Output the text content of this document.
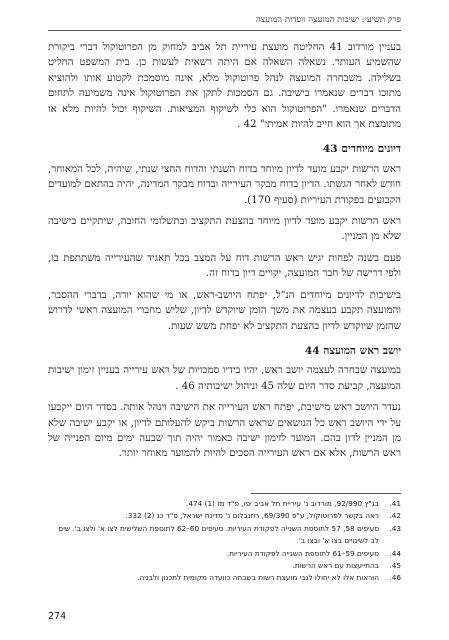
פרק תשיעי: ישיבות המועצה וועדות המועצה

בעניין מורדוב 41 החליטה מועצת עיריית תל אביב למחוק מן הפרוטוקול דברי ביקורת שהשמיע העותר. נשאלה השאלה אם היתה רשאית לעשות כן. בית המשפט החליט בשלילה. משבחרה המועצה לנהל פרוטוקול מלא, אינה מוסמכת לקטוע אותו ולהוציא מתוכו דברים שנאמרו בישיבה. גם הסמכות לתקן את הפרוטוקול אינה משמיעה לתחום הדברים שנאמרו. "הפרוטוקול הוא כלי לשיקוף המציאות. השיקוף יכול להיות מלא או מתומצת אך הוא חייב להיות אמיתי" 42 .

דיונים מיוחדים 43

ראש הרשות יקבע מועד לדיון מיוחד בדוח השנתי והדוח החצי שנתי, שיהיה, לכל המאוחר, חודש לאחר הגשתו. הדיון בדוח מבקר העירייה ובדוח מבקר המדינה, יהיה בהתאם למועדים הקבועים בפקודת העיריות (סעיף 170).

ראש הרשות יקבע מועד לדיון מיוחד בהצעת התקציב ובתשלומי החובה, שיתקיים בישיבה שלא מן המניין.

פעם בשנה לפחות יגיש ראש הרשות דוח על המצב בכל תאגיד שהעירייה משתתפת בו, ולפי דרישה של חבר המועצה, יקויים דיון בדוח זה.

בישיבות לדיונים מיוחדים הנ"ל, יפתח היושב-ראש, או מי שהוא יורה, בדברי ההסבר, והמועצה תקבע בעצמה את משך הזמן שיוקדש לדיון, שליש מחברי המועצה ראשי לדרוש שהזמן שיוקדש לדיון בהצעת התקציב לא יפחת משש שעות.

יושב ראש המועצה 44

במועצה שבחרה לעצמה יושב ראש, יהיו בידיו סמכויות של ראש עירייה בעניין זימון ישיבות המועצה, קביעת סדר היום שלה 45 וניהול ישיבותיה 46 .

נעדר היושב ראש מישיבת, יפתח ראש העירייה את הישיבה וינהל אותה. בסדר היום ייקבעו על ידי היושב ראש כל הנושאים שראש הרשות ביקש להעלותם לדיון, או יקבע ישיבה שלא מן המניין לדון בהם. המועד לזימון ישיבה כאמור יהיה תוך שבעה ימים מיום הפנייה של ראש הרשות, אלא אם ראש העירייה הסכים להיות להמועד מאוחר יותר.

41.
בג"ץ 92/990, מורדוב נ' עיריית תל אביב יפו, פ"ד מז (1) 474.
42.
ראה בקשר לפרוטוקול, ע"פ 69/390, רוזנבלום נ' מדינת ישראל, פ"ד כג (2) 332.
43.
סעיפים 58, 57 לתוספת השנייה לפקודת העיריות. סעיפים 60–62 לתוספת השלישית לצו א' ולצו ב'. שים לב לשינויים בצו א' ובצו ב'.
44.
סעיפים 59–61 לתוספת השנייה לפקודת העיריות.
45.
בהתייעצות עם ראש הרשות.
46.
הוראות אלו לא יחולו לגבי מועצת רשות בשבתה כוועדה מקומית לתכנון ולבניה.
274
